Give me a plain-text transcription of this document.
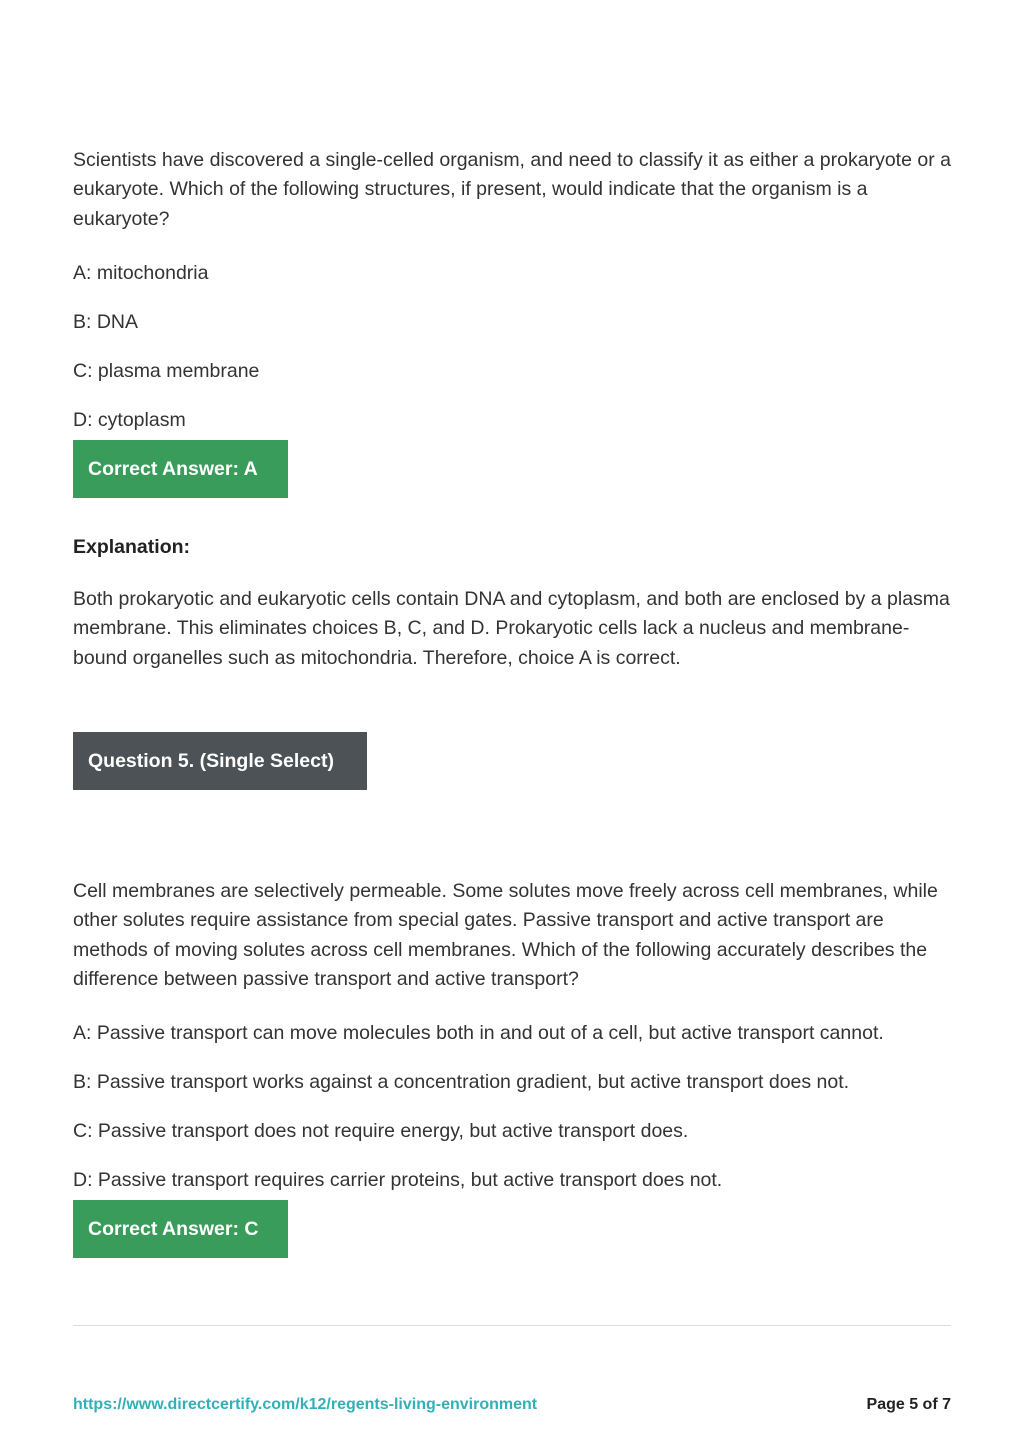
Scientists have discovered a single-celled organism, and need to classify it as either a prokaryote or a eukaryote. Which of the following structures, if present, would indicate that the organism is a eukaryote?

A: mitochondria

B: DNA

C: plasma membrane

D: cytoplasm

Correct Answer: A

Explanation:

Both prokaryotic and eukaryotic cells contain DNA and cytoplasm, and both are enclosed by a plasma membrane. This eliminates choices B, C, and D. Prokaryotic cells lack a nucleus and membrane-bound organelles such as mitochondria. Therefore, choice A is correct.

Question 5. (Single Select)

Cell membranes are selectively permeable. Some solutes move freely across cell membranes, while other solutes require assistance from special gates. Passive transport and active transport are methods of moving solutes across cell membranes. Which of the following accurately describes the difference between passive transport and active transport?

A: Passive transport can move molecules both in and out of a cell, but active transport cannot.

B: Passive transport works against a concentration gradient, but active transport does not.

C: Passive transport does not require energy, but active transport does.

D: Passive transport requires carrier proteins, but active transport does not.

Correct Answer: C
https://www.directcertify.com/k12/regents-living-environment	Page 5 of 7
